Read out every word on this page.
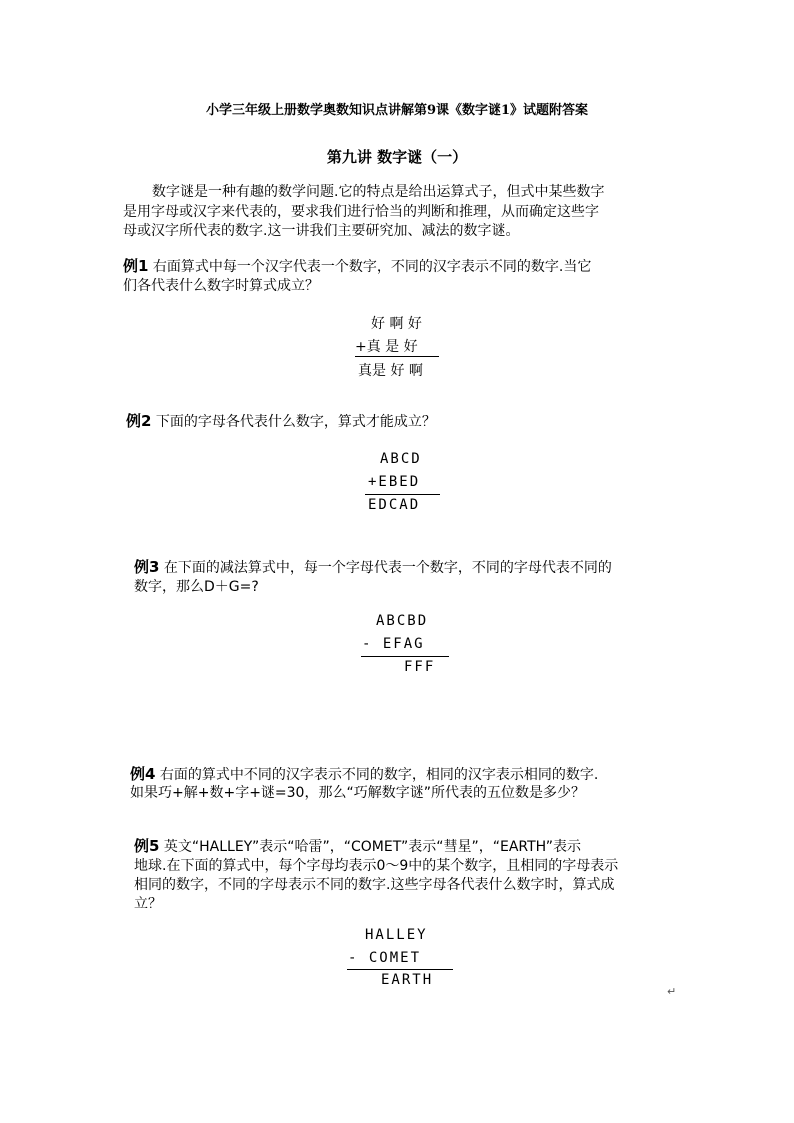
小学三年级上册数学奥数知识点讲解第9课《数字谜1》试题附答案
第九讲 数字谜（一）
数字谜是一种有趣的数学问题.它的特点是给出运算式子，但式中某些数字
是用字母或汉字来代表的，要求我们进行恰当的判断和推理，从而确定这些字
母或汉字所代表的数字.这一讲我们主要研究加、减法的数字谜。
例1 右面算式中每一个汉字代表一个数字，不同的汉字表示不同的数字.当它
们各代表什么数字时算式成立？
好 啊 好
+真 是 好
真是 好 啊
例2 下面的字母各代表什么数字，算式才能成立？
ABCD
+EBED
EDCAD
例3 在下面的减法算式中，每一个字母代表一个数字，不同的字母代表不同的
数字，那么D＋G=?
ABCBD
- EFAG
FFF
例4 右面的算式中不同的汉字表示不同的数字，相同的汉字表示相同的数字.
如果巧+解+数+字+谜=30，那么“巧解数字谜”所代表的五位数是多少？
例5 英文“HALLEY”表示“哈雷”，“COMET”表示“彗星”，“EARTH”表示
地球.在下面的算式中，每个字母均表示0～9中的某个数字，且相同的字母表示
相同的数字，不同的字母表示不同的数字.这些字母各代表什么数字时，算式成
立？
HALLEY
- COMET
EARTH
↵
